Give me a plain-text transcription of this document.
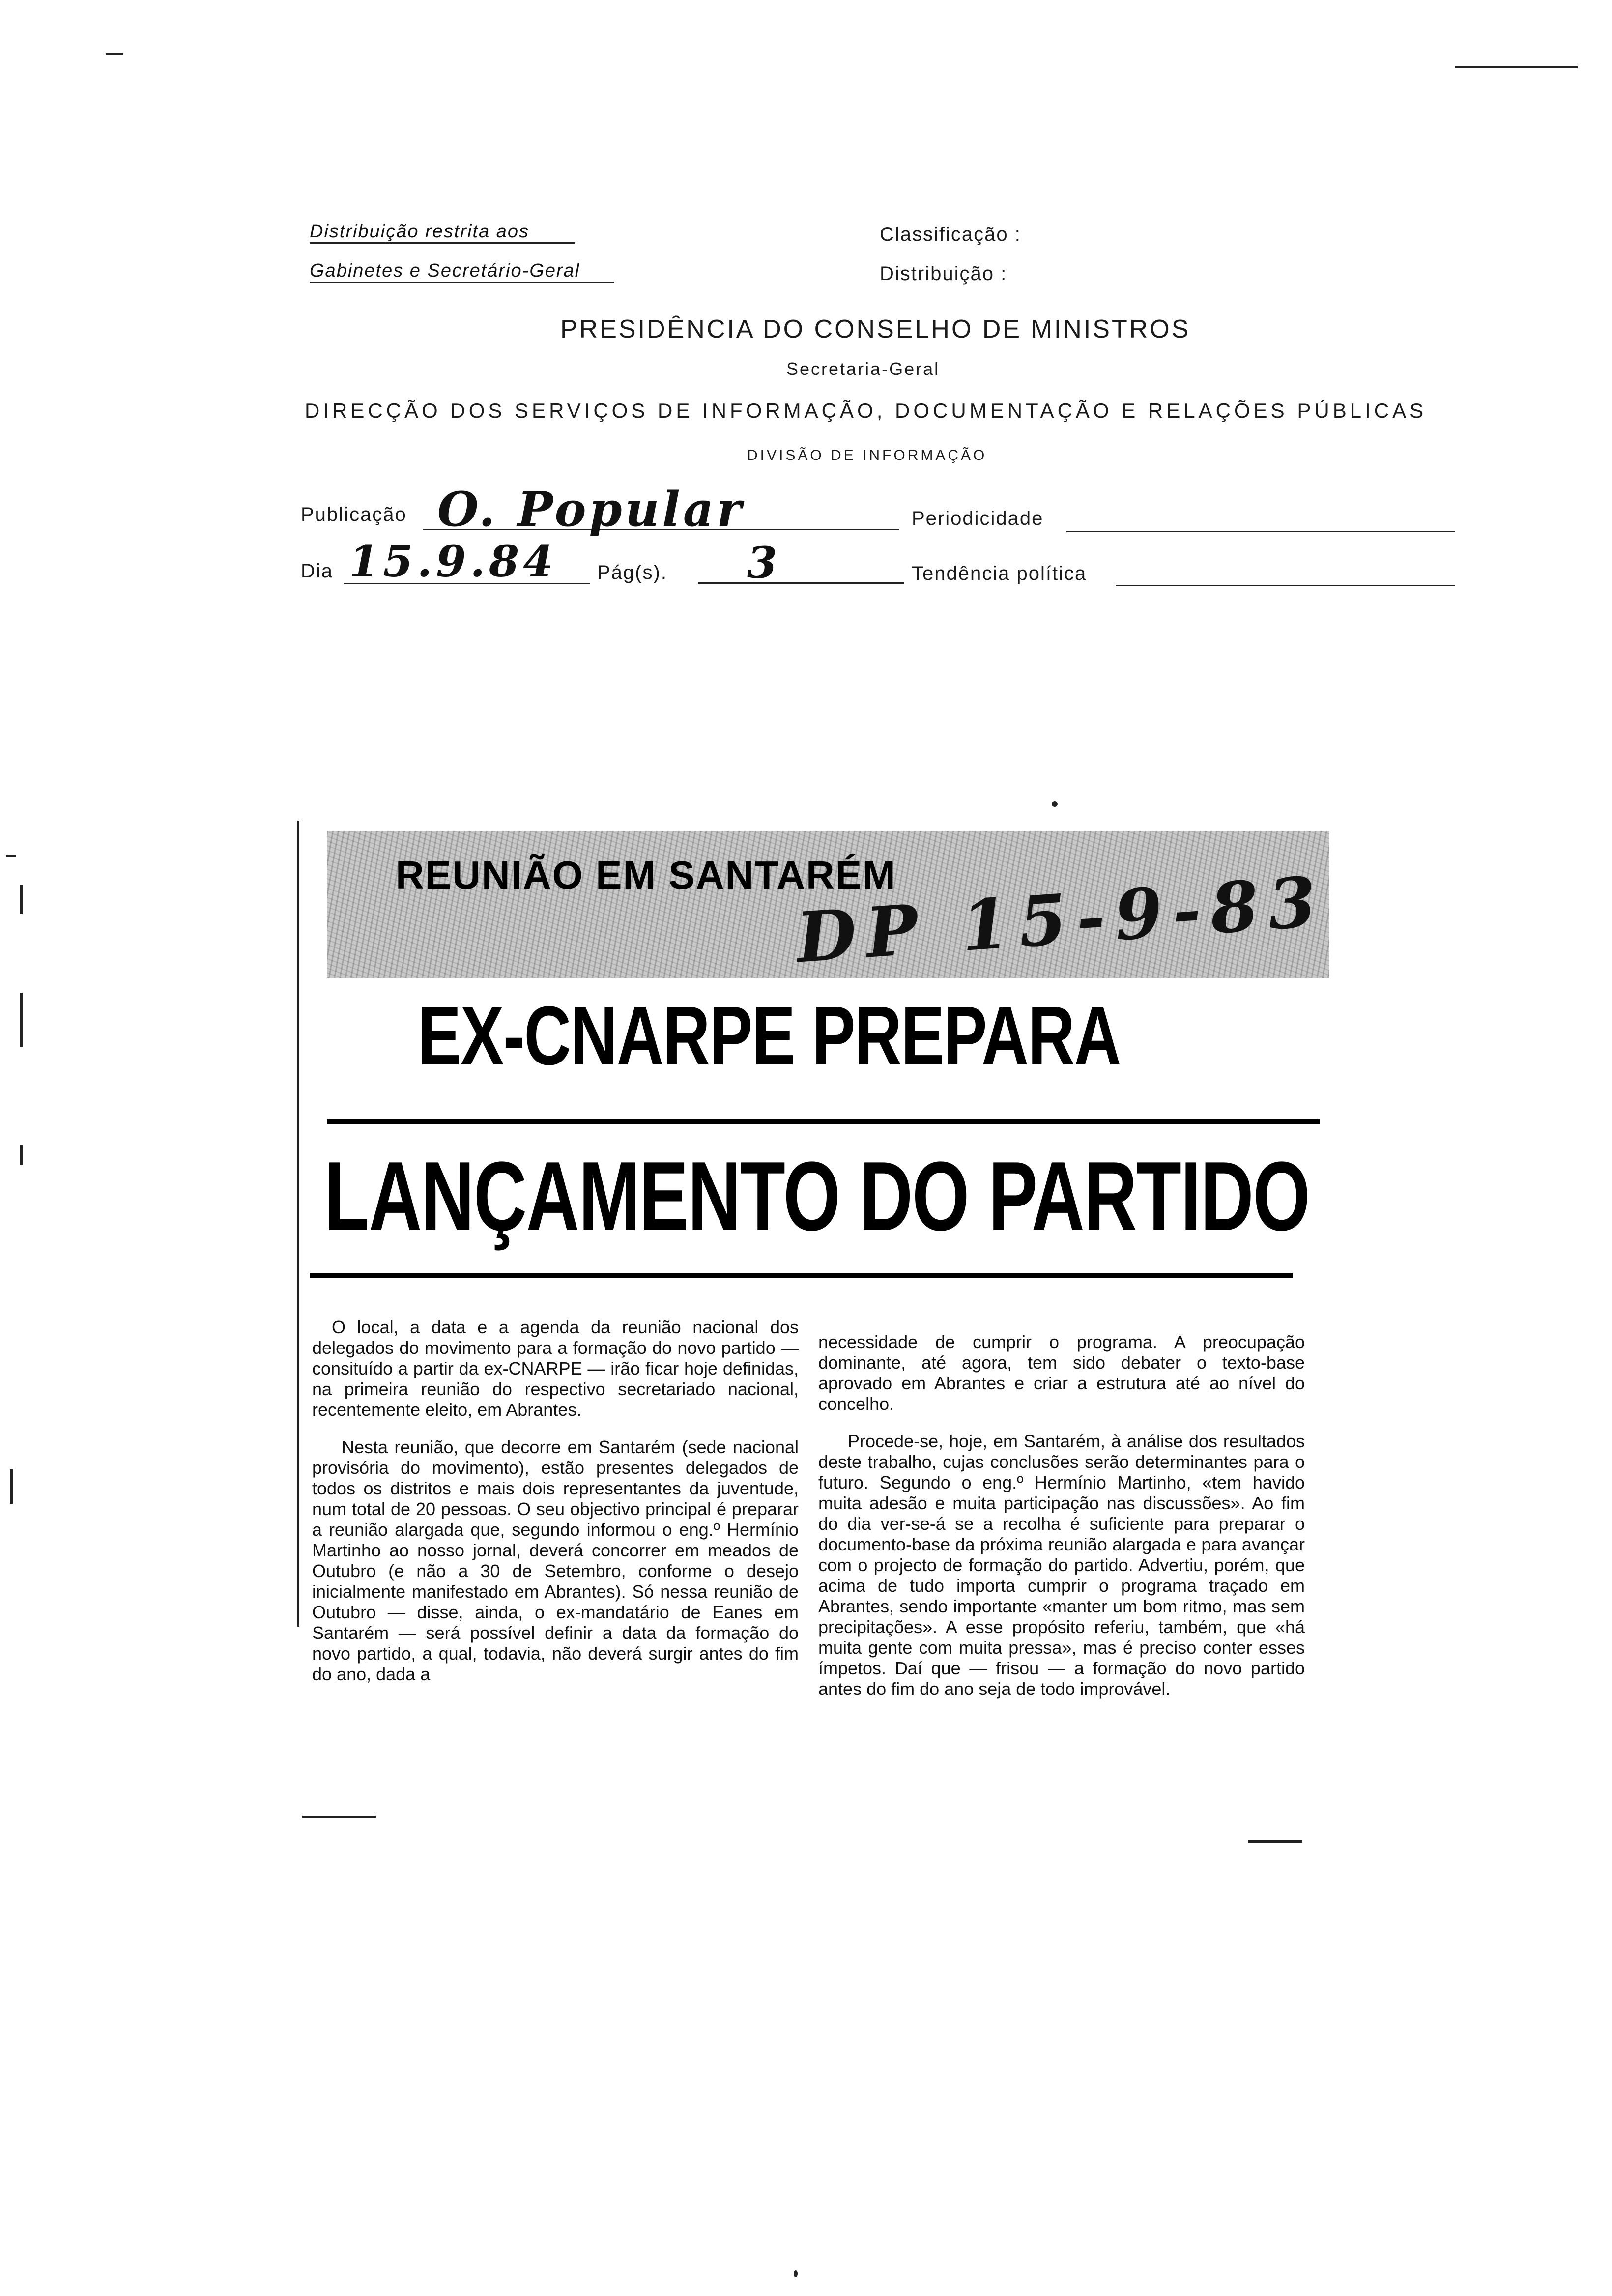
Distribuição restrita aos
Gabinetes e Secretário-Geral
Classificação :
Distribuição :
PRESIDÊNCIA DO CONSELHO DE MINISTROS
Secretaria-Geral
DIRECÇÃO DOS SERVIÇOS DE INFORMAÇÃO, DOCUMENTAÇÃO E RELAÇÕES PÚBLICAS
DIVISÃO DE INFORMAÇÃO
Publicação O. Popular	Periodicidade
Dia 15.9.84 Pág(s). 3	Tendência política
REUNIÃO EM SANTARÉM
DP 15-9-83
EX-CNARPE PREPARA
LANÇAMENTO DO PARTIDO

O local, a data e a agenda da reunião nacional dos delegados do movimento para a formação do novo partido — consituído a partir da ex-CNARPE — irão ficar hoje definidas, na primeira reunião do respectivo secretariado nacional, recentemente eleito, em Abrantes.

Nesta reunião, que decorre em Santarém (sede nacional provisória do movimento), estão presentes delegados de todos os distritos e mais dois representantes da juventude, num total de 20 pessoas. O seu objectivo principal é preparar a reunião alargada que, segundo informou o eng.º Hermínio Martinho ao nosso jornal, deverá concorrer em meados de Outubro (e não a 30 de Setembro, conforme o desejo inicialmente manifestado em Abrantes). Só nessa reunião de Outubro — disse, ainda, o ex-mandatário de Eanes em Santarém — será possível definir a data da formação do novo partido, a qual, todavia, não deverá surgir antes do fim do ano, dada a

necessidade de cumprir o programa. A preocupação dominante, até agora, tem sido debater o texto-base aprovado em Abrantes e criar a estrutura até ao nível do concelho.

Procede-se, hoje, em Santarém, à análise dos resultados deste trabalho, cujas conclusões serão determinantes para o futuro. Segundo o eng.º Hermínio Martinho, «tem havido muita adesão e muita participação nas discussões». Ao fim do dia ver-se-á se a recolha é suficiente para preparar o documento-base da próxima reunião alargada e para avançar com o projecto de formação do partido. Advertiu, porém, que acima de tudo importa cumprir o programa traçado em Abrantes, sendo importante «manter um bom ritmo, mas sem precipitações». A esse propósito referiu, também, que «há muita gente com muita pressa», mas é preciso conter esses ímpetos. Daí que — frisou — a formação do novo partido antes do fim do ano seja de todo improvável.
